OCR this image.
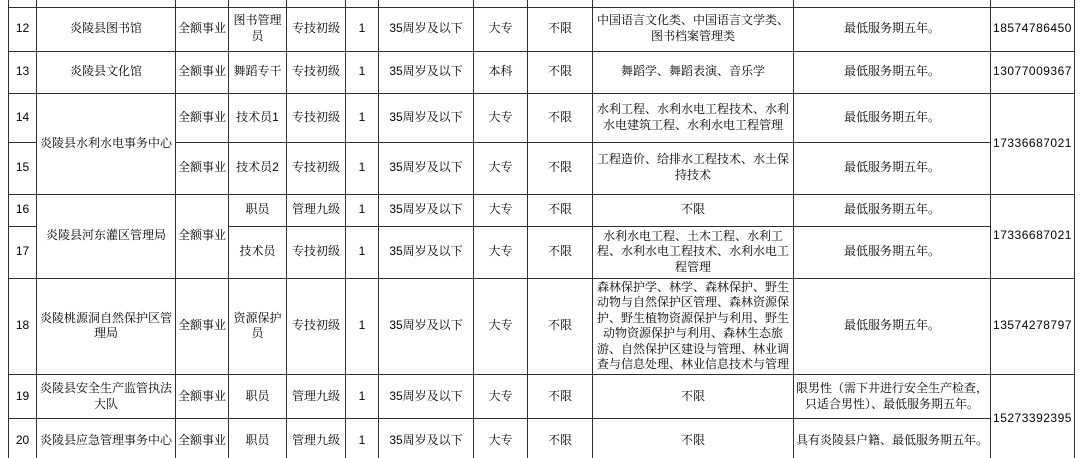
12	炎陵县图书馆	全额事业	图书管理员	专技初级	1	35周岁及以下	大专	不限	中国语言文化类、中国语言文学类、图书档案管理类	最低服务期五年。	18574786450
13	炎陵县文化馆	全额事业	舞蹈专干	专技初级	1	35周岁及以下	本科	不限	舞蹈学、舞蹈表演、音乐学	最低服务期五年。	13077009367
14	炎陵县水利水电事务中心	全额事业	技术员1	专技初级	1	35周岁及以下	大专	不限	水利工程、水利水电工程技术、水利水电建筑工程、水利水电工程管理	最低服务期五年。	17336687021
15		全额事业	技术员2	专技初级	1	35周岁及以下	大专	不限	工程造价、给排水工程技术、水土保持技术	最低服务期五年。	
16	炎陵县河东灌区管理局	全额事业	职员	管理九级	1	35周岁及以下	大专	不限	不限	最低服务期五年。	17336687021
17			技术员	专技初级	1	35周岁及以下	大专	不限	水利水电工程、土木工程、水利工程、水利水电工程技术、水利水电工程管理	最低服务期五年。	
18	炎陵桃源洞自然保护区管理局	全额事业	资源保护员	专技初级	1	35周岁及以下	大专	不限	森林保护学、林学、森林保护、野生动物与自然保护区管理、森林资源保护、野生植物资源保护与利用、野生动物资源保护与利用、森林生态旅游、自然保护区建设与管理、林业调查与信息处理、林业信息技术与管理	最低服务期五年。	13574278797
19	炎陵县安全生产监管执法大队	全额事业	职员	管理九级	1	35周岁及以下	大专	不限	不限	限男性（需下井进行安全生产检查，只适合男性）、最低服务期五年。	15273392395
20	炎陵县应急管理事务中心	全额事业	职员	管理九级	1	35周岁及以下	大专	不限	不限	具有炎陵县户籍、最低服务期五年。	
